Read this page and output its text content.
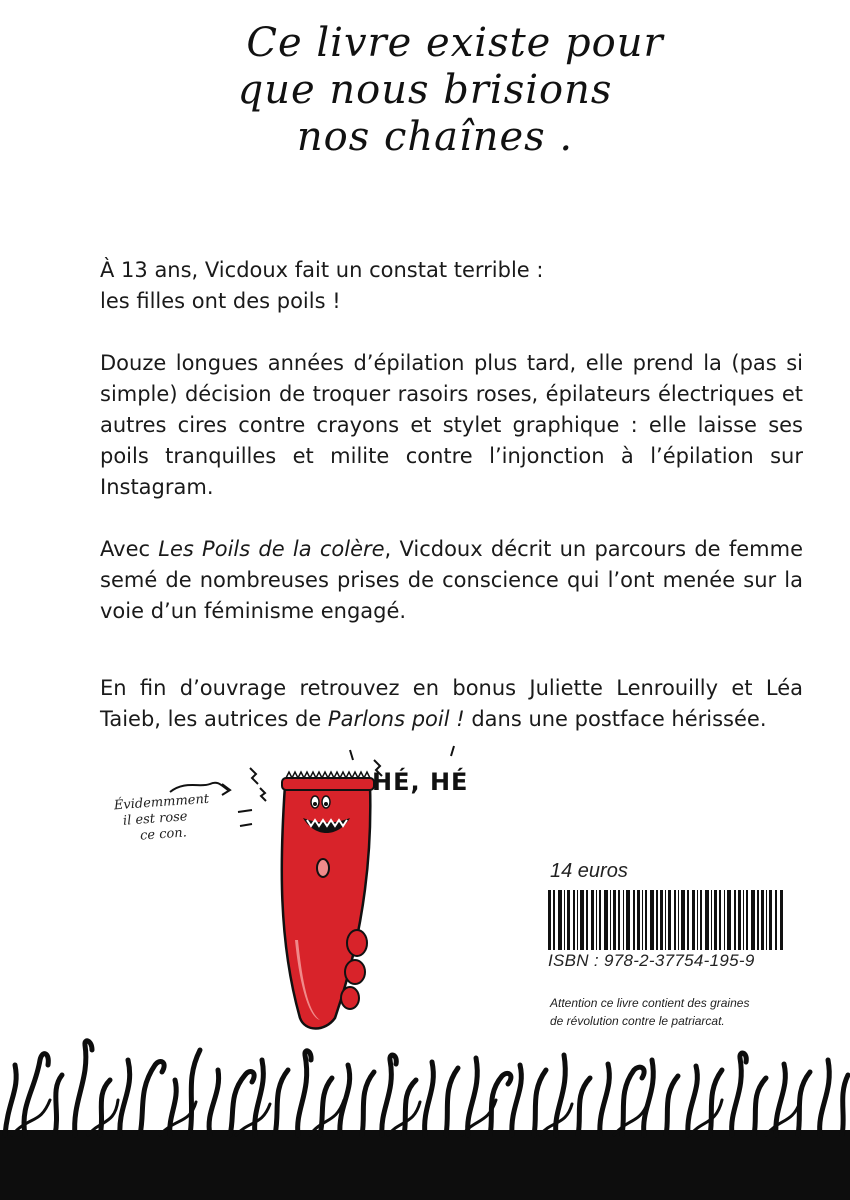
Ce livre existe pour
que nous brisions
nos chaînes .

À 13 ans, Vicdoux fait un constat terrible :
les filles ont des poils !

Douze longues années d’épilation plus tard, elle prend la (pas si simple) décision de troquer rasoirs roses, épilateurs électriques et autres cires contre crayons et stylet graphique : elle laisse ses poils tranquilles et milite contre l’injonction à l’épilation sur Instagram.

Avec Les Poils de la colère, Vicdoux décrit un parcours de femme semé de nombreuses prises de conscience qui l’ont menée sur la voie d’un féminisme engagé.

En fin d’ouvrage retrouvez en bonus Juliette Lenrouilly et Léa Taieb, les autrices de Parlons poil ! dans une postface hérissée.

Évidemmment
il est rose
ce con.
HÉ, HÉ
14 euros
ISBN : 978-2-37754-195-9
Attention ce livre contient des graines
de révolution contre le patriarcat.
